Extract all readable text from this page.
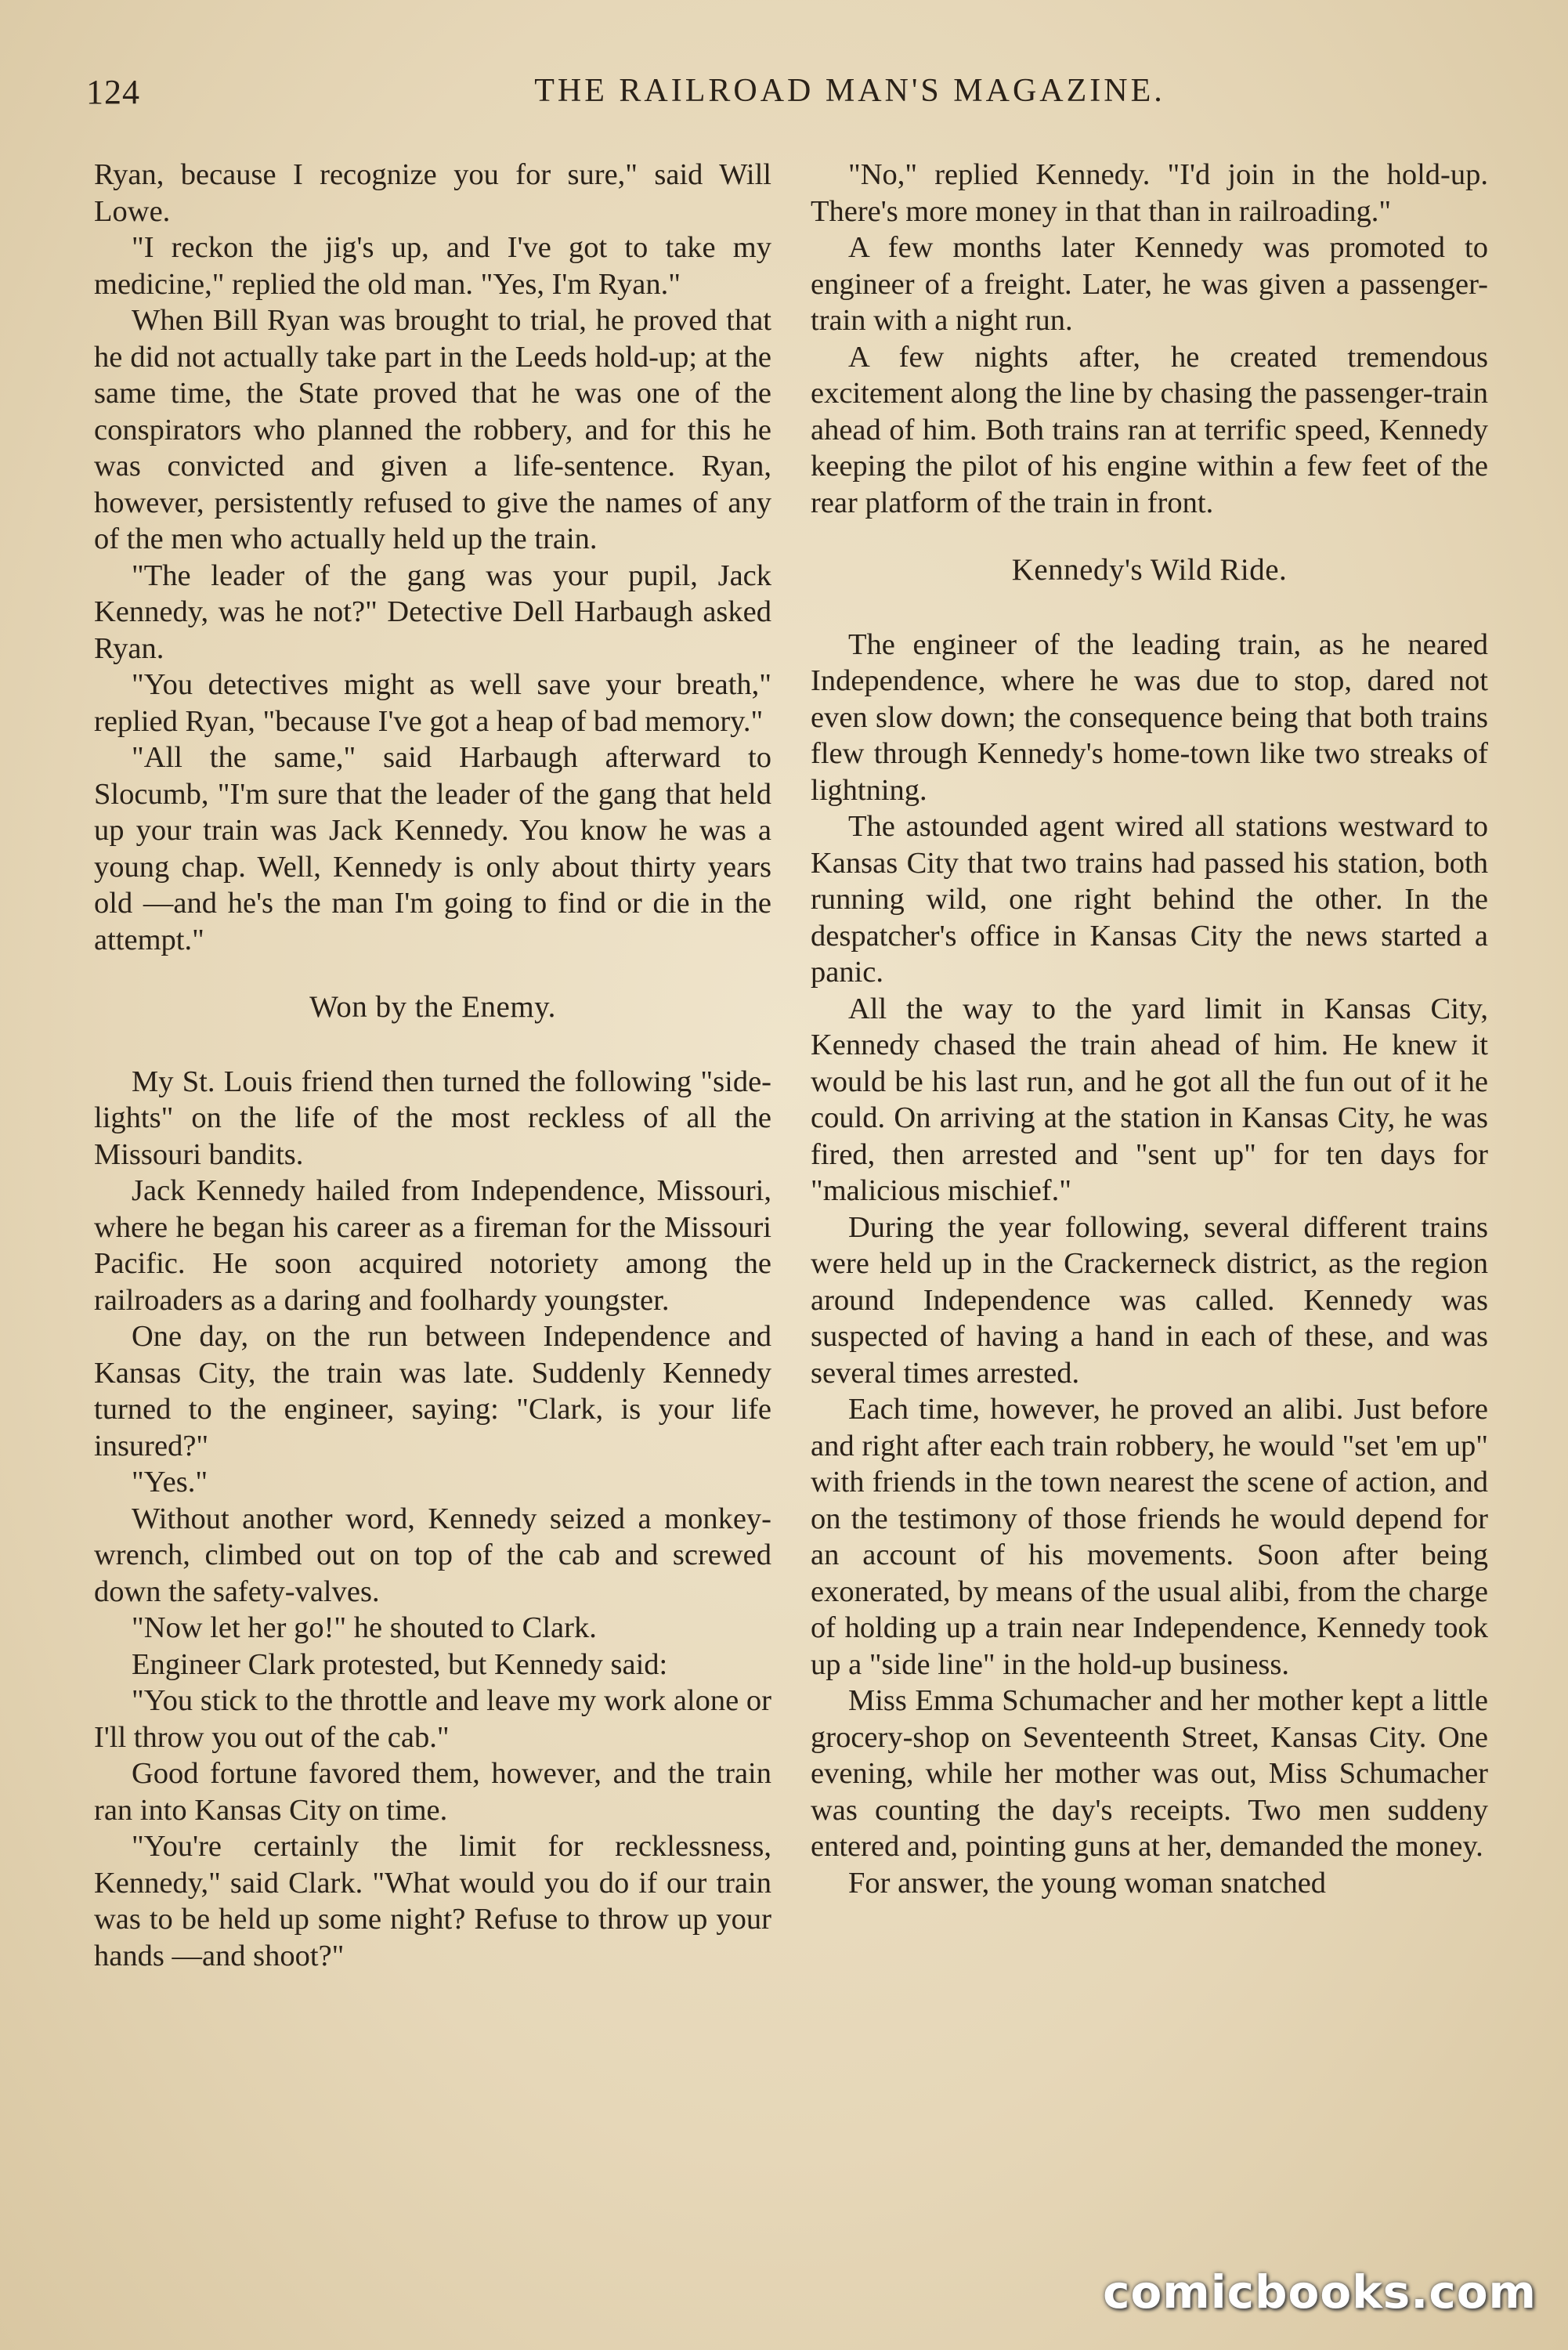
124	THE RAILROAD MAN'S MAGAZINE.

Ryan, because I recognize you for sure," said Will Lowe.

"I reckon the jig's up, and I've got to take my medicine," replied the old man. "Yes, I'm Ryan."

When Bill Ryan was brought to trial, he proved that he did not actually take part in the Leeds hold-up; at the same time, the State proved that he was one of the conspirators who planned the robbery, and for this he was convicted and given a life-sentence. Ryan, however, persistently refused to give the names of any of the men who actually held up the train.

"The leader of the gang was your pupil, Jack Kennedy, was he not?" Detective Dell Harbaugh asked Ryan.

"You detectives might as well save your breath," replied Ryan, "because I've got a heap of bad memory."

"All the same," said Harbaugh afterward to Slocumb, "I'm sure that the leader of the gang that held up your train was Jack Kennedy. You know he was a young chap. Well, Kennedy is only about thirty years old —and he's the man I'm going to find or die in the attempt."

Won by the Enemy.

My St. Louis friend then turned the following "side-lights" on the life of the most reckless of all the Missouri bandits.

Jack Kennedy hailed from Independence, Missouri, where he began his career as a fireman for the Missouri Pacific. He soon acquired notoriety among the railroaders as a daring and foolhardy youngster.

One day, on the run between Independence and Kansas City, the train was late. Suddenly Kennedy turned to the engineer, saying: "Clark, is your life insured?"

"Yes."

Without another word, Kennedy seized a monkey-wrench, climbed out on top of the cab and screwed down the safety-valves.

"Now let her go!" he shouted to Clark.

Engineer Clark protested, but Kennedy said:

"You stick to the throttle and leave my work alone or I'll throw you out of the cab."

Good fortune favored them, however, and the train ran into Kansas City on time.

"You're certainly the limit for recklessness, Kennedy," said Clark. "What would you do if our train was to be held up some night? Refuse to throw up your hands —and shoot?"

"No," replied Kennedy. "I'd join in the hold-up. There's more money in that than in railroading."

A few months later Kennedy was promoted to engineer of a freight. Later, he was given a passenger-train with a night run.

A few nights after, he created tremendous excitement along the line by chasing the passenger-train ahead of him. Both trains ran at terrific speed, Kennedy keeping the pilot of his engine within a few feet of the rear platform of the train in front.

Kennedy's Wild Ride.

The engineer of the leading train, as he neared Independence, where he was due to stop, dared not even slow down; the consequence being that both trains flew through Kennedy's home-town like two streaks of lightning.

The astounded agent wired all stations westward to Kansas City that two trains had passed his station, both running wild, one right behind the other. In the despatcher's office in Kansas City the news started a panic.

All the way to the yard limit in Kansas City, Kennedy chased the train ahead of him. He knew it would be his last run, and he got all the fun out of it he could. On arriving at the station in Kansas City, he was fired, then arrested and "sent up" for ten days for "malicious mischief."

During the year following, several different trains were held up in the Crackerneck district, as the region around Independence was called. Kennedy was suspected of having a hand in each of these, and was several times arrested.

Each time, however, he proved an alibi. Just before and right after each train robbery, he would "set 'em up" with friends in the town nearest the scene of action, and on the testimony of those friends he would depend for an account of his movements. Soon after being exonerated, by means of the usual alibi, from the charge of holding up a train near Independence, Kennedy took up a "side line" in the hold-up business.

Miss Emma Schumacher and her mother kept a little grocery-shop on Seventeenth Street, Kansas City. One evening, while her mother was out, Miss Schumacher was counting the day's receipts. Two men suddeny entered and, pointing guns at her, demanded the money.

For answer, the young woman snatched

comicbooks.com
